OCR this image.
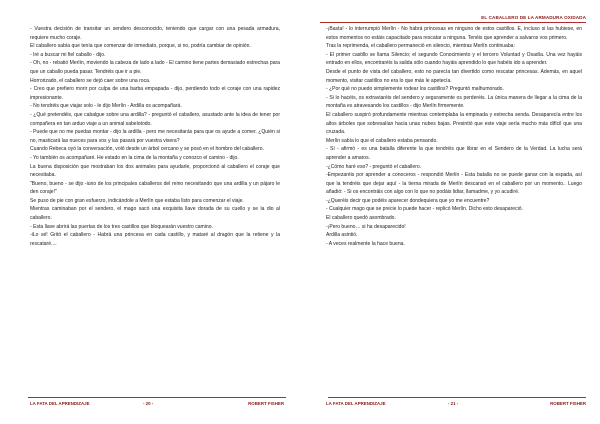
- Vuestra decisión de transitar un sendero desconocido, teniendo que cargar con una pesada armadura, requiere mucho coraje.

El caballero sabía que tenía que comenzar de inmediato, porque, si no, podría cambiar de opinión.

- Iré a buscar mi fiel caballo - dijo.

- Oh, no - rebatió Merlín, moviendo la cabeza de lado a lado - El camino tiene partes demasiado estrechas para que un caballo pueda pasar. Tendréis que ir a pie.

Horrorizado, el caballero se dejó caer sobre una roca.

- Creo que prefiero morir por culpa de una barba empapada - dijo, perdiendo todo el coraje con una rapidez impresionante.

- No tendréis que viajar solo - le dijo Merlín - Ardilla os acompañará.

- ¿Qué pretendéis, que cabalgue sobre una ardilla? - preguntó el caballero, asustado ante la idea de tener por compañera en tan arduo viaje a un animal sabelotodo.

- Puede que no me puedas montar - dijo la ardilla - pero me necesitarás para que os ayude a comer. ¿Quién si no, masticará las nueces para vos y las pasará por vuestra visera?

Cuando Rebeca oyó la conversación, voló desde un árbol cercano y se posó en el hombro del caballero.

- Yo también os acompañaré. He estado en la cima de la montaña y conozco el camino - dijo.

La buena disposición que mostraban los dos animales para ayudarle, proporcionó al caballero el coraje que necesitaba.

"Bueno, bueno - se dijo -iuno de los principales caballeros del reino necesitando que una ardilla y un pájaro le den coraje!"

Se puso de pie con gran esfuerzo, indicándole a Merlín que estaba listo para comenzar el viaje.

Mientras caminaban por el sendero, el mago sacó una exquisita llave dorada de su cuello y se la dio al caballero.

- Esta llave abrirá las puertas de los tres castillos que bloquearán vuestro camino.

-iLo sé! Gritó el caballero - Habrá una princesa en cada castillo, y mataré al dragón que la retiene y la rescataré....

LA FATA DEL APRENDIZAJE	- 20 -	ROBERT FISHER
EL CABALLERO DE LA ARMADURA OXIDADA

-¡Basta! - lo interrumpió Merlín - No habrá princesas en ninguno de estos castillos. E, incluso si las hubiese, en estos momentos no estáis capacitado para rescatar a ninguna. Tenéis que aprender a salvaros vos primero.

Tras la reprimenda, el caballero permaneció en silencio, mientras Merlín continuaba:

- El primer castillo se llama Silencio; el segundo Conocimiento y el tercero Voluntad y Osadía. Una vez hayáis entrado en ellos, encontraréis la salida sólo cuando hayáis aprendido lo que habéis ido a aprender.

Desde el punto de vista del caballero, esto no parecía tan divertido como rescatar princesas. Además, en aquel momento, visitar castillos no era lo que más le apetecía.

- ¿Por qué no puedo simplemente rodear los castillos? Preguntó malhumorado.

- Si lo hacéis, os extraviaréis del sendero y seguramente os perderéis. La única manera de llegar a la cima de la montaña es atravesando los castillos - dijo Merlín firmemente.

El caballero suspiró profundamente mientras contemplaba la empinada y estrecha senda. Desaparecía entre los altos árboles que sobresalían hacia unas nubes bajas. Presintió que este viaje sería mucho más difícil que una cruzada.

Merlín sabía lo que el caballero estaba pensando.

- Sí - afirmó - es una batalla diferente la que tendréis que librar en el Sendero de la Verdad. La lucha será aprender a amaros.

-¿Cómo haré eso? - preguntó el caballero.

-Empezaréis por aprender a conoceros - respondió Merlín - Esta batalla no se puede ganar con la espada, así que la tendréis que dejar aquí - la tierna mirada de Merlín descansó en el caballero por un momento.. Luego añadió: - Si os encontráis con algo con lo que no podáis lidiar, llamadme, y yo acudiré.

-¿Queréis decir que podéis aparecer dondequiera que yo me encuentre?

- Cualquier mago que se precie lo puede hacer - replicó Merlín. Dicho esto desapareció.

El caballero quedó asombrado.

-¡Pero bueno… si ha desaparecido!

Ardilla asintió.

- A veces realmente la hace buena.

LA FATA DEL APRENDIZAJE	- 21 -	ROBERT FISHER
